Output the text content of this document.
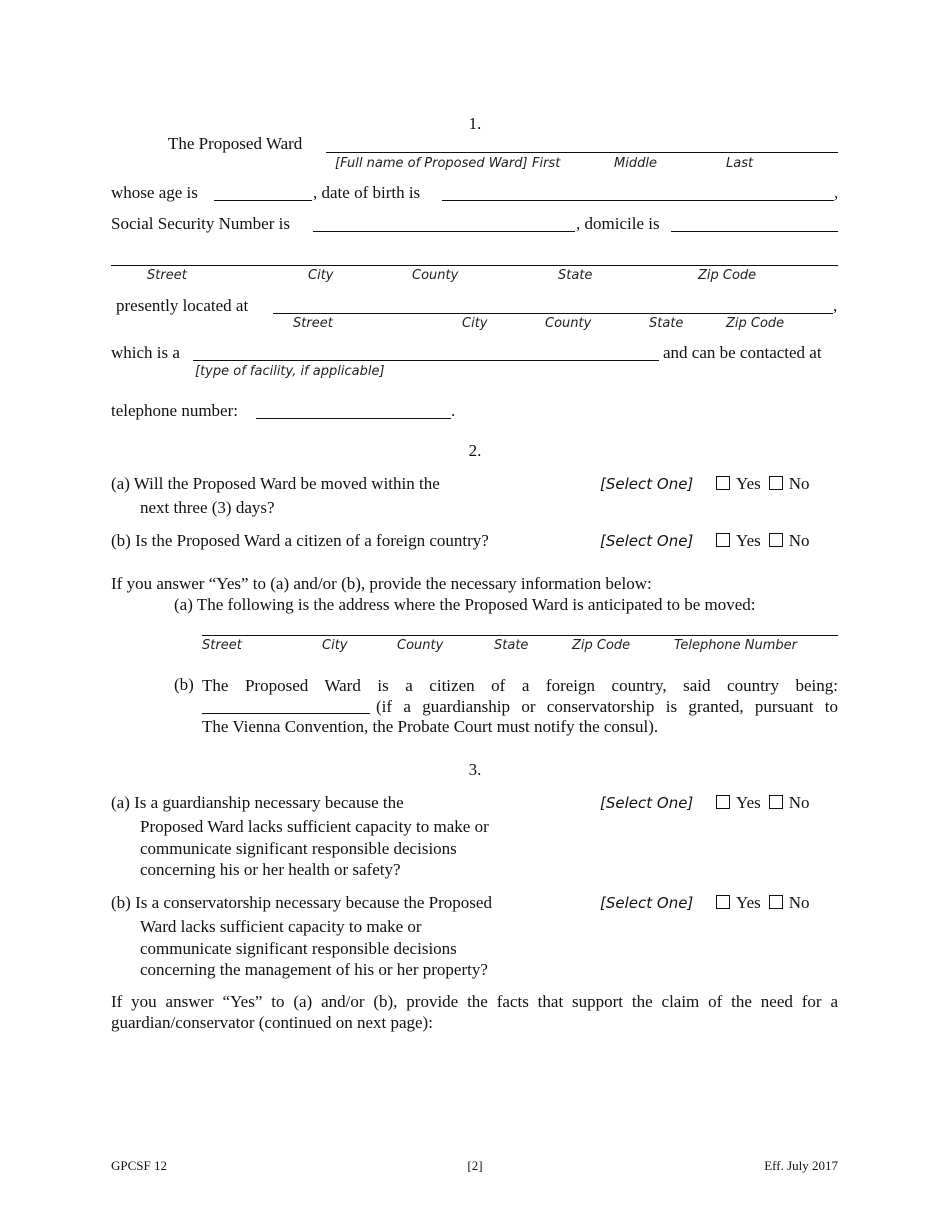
1.
The Proposed Ward
[Full name of Proposed Ward] First	Middle	Last
whose age is	, date of birth is	,
Social Security Number is	, domicile is
Street	City	County	State	Zip Code
presently located at	,
Street	City	County	State	Zip Code
which is a	and can be contacted at
[type of facility, if applicable]
telephone number:	.
2.
(a) Will the Proposed Ward be moved within the
next three (3) days?
[Select One]	Yes No
(b) Is the Proposed Ward a citizen of a foreign country?	[Select One]	Yes No
If you answer “Yes” to (a) and/or (b), provide the necessary information below:
(a) The following is the address where the Proposed Ward is anticipated to be moved:
Street	City	County	State	Zip Code	Telephone Number
(b) The Proposed Ward is a citizen of a foreign country, said country being:
(if a guardianship or conservatorship is granted, pursuant to
The Vienna Convention, the Probate Court must notify the consul).
3.
(a) Is a guardianship necessary because the
Proposed Ward lacks sufficient capacity to make or
communicate significant responsible decisions
concerning his or her health or safety?
[Select One]	Yes No
(b) Is a conservatorship necessary because the Proposed
Ward lacks sufficient capacity to make or
communicate significant responsible decisions
concerning the management of his or her property?
[Select One]	Yes No
If you answer “Yes” to (a) and/or (b), provide the facts that support the claim of the need for a guardian/conservator (continued on next page):
GPCSF 12	[2]	Eff. July 2017
